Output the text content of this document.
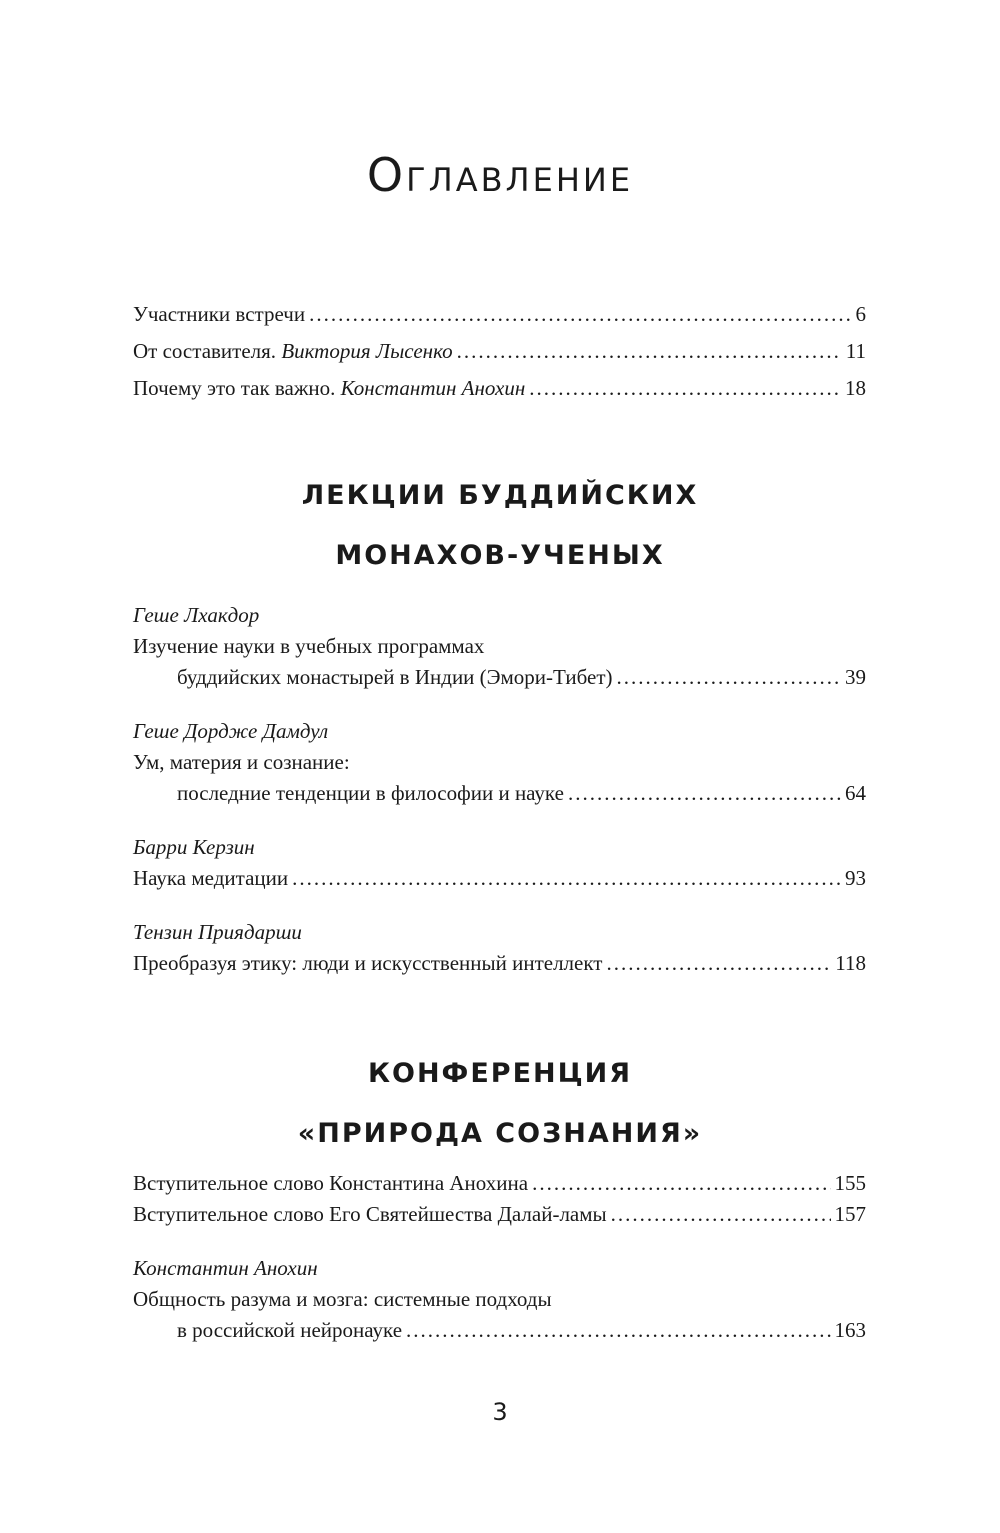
Оглавление
Участники встречи .....	6
От составителя. Виктория Лысенко .....	11
Почему это так важно. Константин Анохин .....	18
ЛЕКЦИИ БУДДИЙСКИХ
МОНАХОВ-УЧЕНЫХ
Геше Лхакдор
Изучение науки в учебных программах
буддийских монастырей в Индии (Эмори-Тибет) .....	39
Геше Дордже Дамдул
Ум, материя и сознание:
последние тенденции в философии и науке .....	64
Барри Керзин
Наука медитации .....	93
Тензин Приядарши
Преобразуя этику: люди и искусственный интеллект .....	118
КОНФЕРЕНЦИЯ
«ПРИРОДА СОЗНАНИЯ»
Вступительное слово Константина Анохина .....	155
Вступительное слово Его Святейшества Далай-ламы .....	157
Константин Анохин
Общность разума и мозга: системные подходы
в российской нейронауке .....	163
3
